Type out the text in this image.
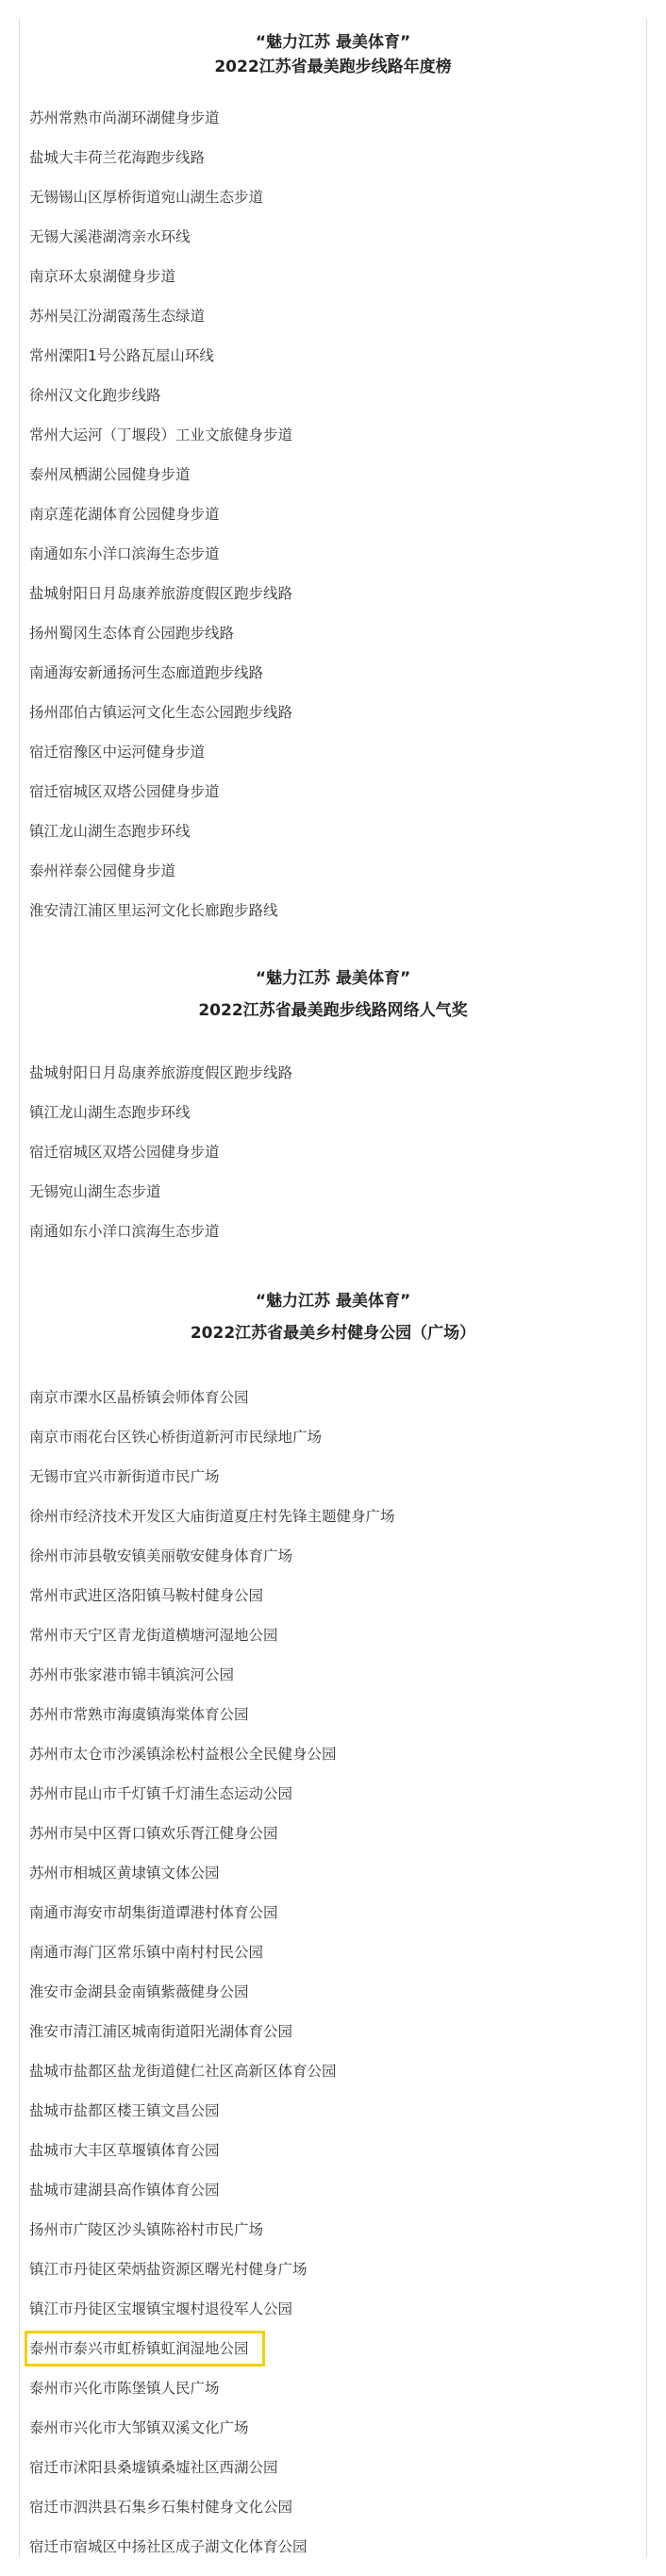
“魅力江苏 最美体育”
2022江苏省最美跑步线路年度榜
苏州常熟市尚湖环湖健身步道
盐城大丰荷兰花海跑步线路
无锡锡山区厚桥街道宛山湖生态步道
无锡大溪港湖湾亲水环线
南京环太泉湖健身步道
苏州吴江汾湖霞荡生态绿道
常州溧阳1号公路瓦屋山环线
徐州汉文化跑步线路
常州大运河（丁堰段）工业文旅健身步道
泰州凤栖湖公园健身步道
南京莲花湖体育公园健身步道
南通如东小洋口滨海生态步道
盐城射阳日月岛康养旅游度假区跑步线路
扬州蜀冈生态体育公园跑步线路
南通海安新通扬河生态廊道跑步线路
扬州邵伯古镇运河文化生态公园跑步线路
宿迁宿豫区中运河健身步道
宿迁宿城区双塔公园健身步道
镇江龙山湖生态跑步环线
泰州祥泰公园健身步道
淮安清江浦区里运河文化长廊跑步路线
“魅力江苏 最美体育”
2022江苏省最美跑步线路网络人气奖
盐城射阳日月岛康养旅游度假区跑步线路
镇江龙山湖生态跑步环线
宿迁宿城区双塔公园健身步道
无锡宛山湖生态步道
南通如东小洋口滨海生态步道
“魅力江苏 最美体育”
2022江苏省最美乡村健身公园（广场）
南京市溧水区晶桥镇会师体育公园
南京市雨花台区铁心桥街道新河市民绿地广场
无锡市宜兴市新街道市民广场
徐州市经济技术开发区大庙街道夏庄村先锋主题健身广场
徐州市沛县敬安镇美丽敬安健身体育广场
常州市武进区洛阳镇马鞍村健身公园
常州市天宁区青龙街道横塘河湿地公园
苏州市张家港市锦丰镇滨河公园
苏州市常熟市海虞镇海棠体育公园
苏州市太仓市沙溪镇涂松村益根公全民健身公园
苏州市昆山市千灯镇千灯浦生态运动公园
苏州市吴中区胥口镇欢乐胥江健身公园
苏州市相城区黄埭镇文体公园
南通市海安市胡集街道谭港村体育公园
南通市海门区常乐镇中南村村民公园
淮安市金湖县金南镇紫薇健身公园
淮安市清江浦区城南街道阳光湖体育公园
盐城市盐都区盐龙街道健仁社区高新区体育公园
盐城市盐都区楼王镇文昌公园
盐城市大丰区草堰镇体育公园
盐城市建湖县高作镇体育公园
扬州市广陵区沙头镇陈裕村市民广场
镇江市丹徒区荣炳盐资源区曙光村健身广场
镇江市丹徒区宝堰镇宝堰村退役军人公园
泰州市泰兴市虹桥镇虹润湿地公园
泰州市兴化市陈堡镇人民广场
泰州市兴化市大邹镇双溪文化广场
宿迁市沭阳县桑墟镇桑墟社区西湖公园
宿迁市泗洪县石集乡石集村健身文化公园
宿迁市宿城区中扬社区成子湖文化体育公园
